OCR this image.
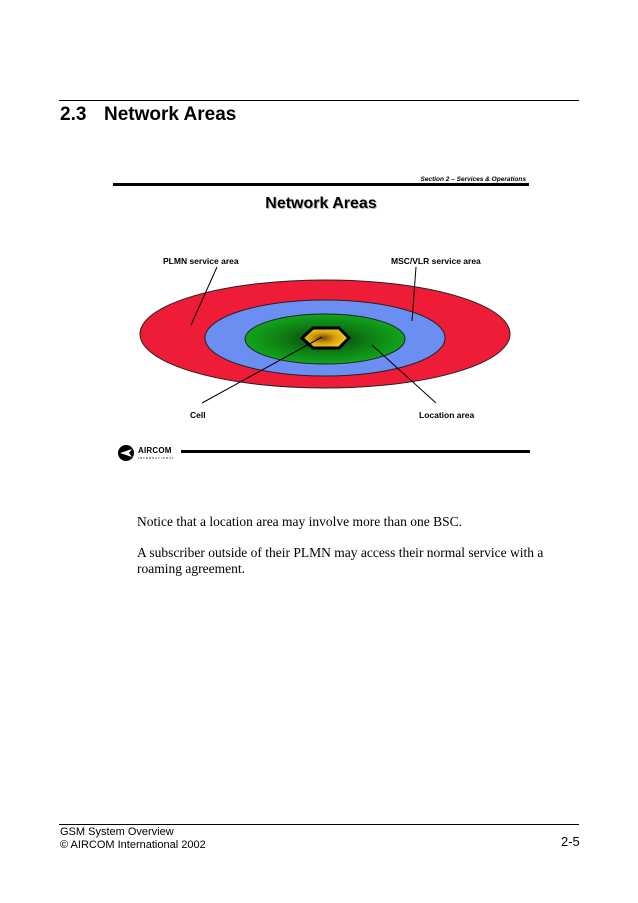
2.3 Network Areas
Section 2 – Services & Operations
Network Areas
PLMN service area	MSC/VLR service area
Cell	Location area
AIRCOM
INTERNATIONAL
Notice that a location area may involve more than one BSC.
A subscriber outside of their PLMN may access their normal service with a roaming agreement.
GSM System Overview
© AIRCOM International 2002	2-5
